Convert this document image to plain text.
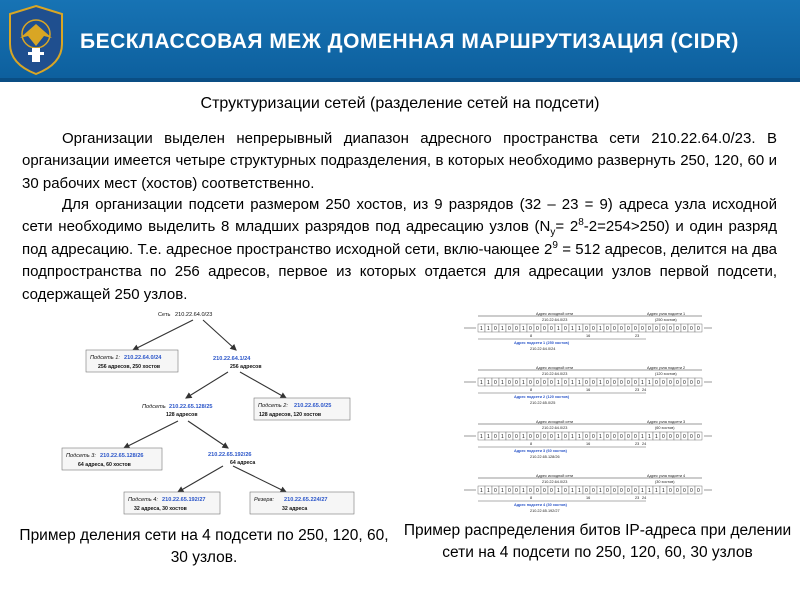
БЕСКЛАССОВАЯ МЕЖ ДОМЕННАЯ МАРШРУТИЗАЦИЯ (CIDR)
Структуризации сетей (разделение сетей на подсети)
Организации выделен непрерывный диапазон адресного пространства сети 210.22.64.0/23. В организации имеется четыре структурных подразделения, в которых необходимо развернуть 250, 120, 60 и 30 рабочих мест (хостов) соответственно.
Для организации подсети размером 250 хостов, из 9 разрядов (32 – 23 = 9) адреса узла исходной сети необходимо выделить 8 младших разрядов под адресацию узлов $(N_у= 2^8-2=254>250)$ и один разряд под адресацию. Т.е. адресное пространство исходной сети, вклю-чающее $2^9 = 512$ адресов, делится на два подпространства по 256 адресов, первое из которых отдается для адресации узлов первой подсети, содержащей 250 узлов.
Сеть 210.22.64.0/23
Подсеть 1: 210.22.64.0/24
256 адресов, 250 хостов
210.22.64.1/24
256 адресов
Подсеть 210.22.65.128/25
128 адресов
Подсеть 2: 210.22.65.0/25
128 адресов, 120 хостов
Подсеть 3: 210.22.65.128/26
64 адреса, 60 хостов
210.22.65.192/26
64 адреса
Подсеть 4: 210.22.65.192/27
32 адреса, 30 хостов
Резерв: 210.22.65.224/27
32 адреса
Адрес исходной сети
210.22.64.0/23
Адрес узла подсети 1
(250 хостов)
1 1 0 1 0 0 1 0 0 0 0 1 0 1 1 0 0 1 0 0 0 0 0 0 0 0 0 0 0 0 0 0
8	16	23
Адрес подсети 1 (250 хостов)
210.22.64.0/24
Адрес исходной сети
210.22.64.0/23
Адрес узла подсети 2
(120 хостов)
1 1 0 1 0 0 1 0 0 0 0 1 0 1 1 0 0 1 0 0 0 0 0 1 1 0 0 0 0 0 0 0
8	16	23 24
Адрес подсети 2 (120 хостов)
210.22.65.0/25
Адрес исходной сети
210.22.64.0/23
Адрес узла подсети 3
(60 хостов)
1 1 0 1 0 0 1 0 0 0 0 1 0 1 1 0 0 1 0 0 0 0 0 1 1 1 0 0 0 0 0 0
8	16	23 24
Адрес подсети 3 (60 хостов)
210.22.65.128/26
Адрес исходной сети
210.22.64.0/23
Адрес узла подсети 4
(30 хостов)
1 1 0 1 0 0 1 0 0 0 0 1 0 1 1 0 0 1 0 0 0 0 0 1 1 1 1 0 0 0 0 0
8	16	23 24
Адрес подсети 4 (30 хостов)
210.22.65.192/27
Пример деления сети на 4 подсети по 250, 120, 60, 30 узлов.
Пример распределения битов IP-адреса при делении сети на 4 подсети по 250, 120, 60, 30 узлов
